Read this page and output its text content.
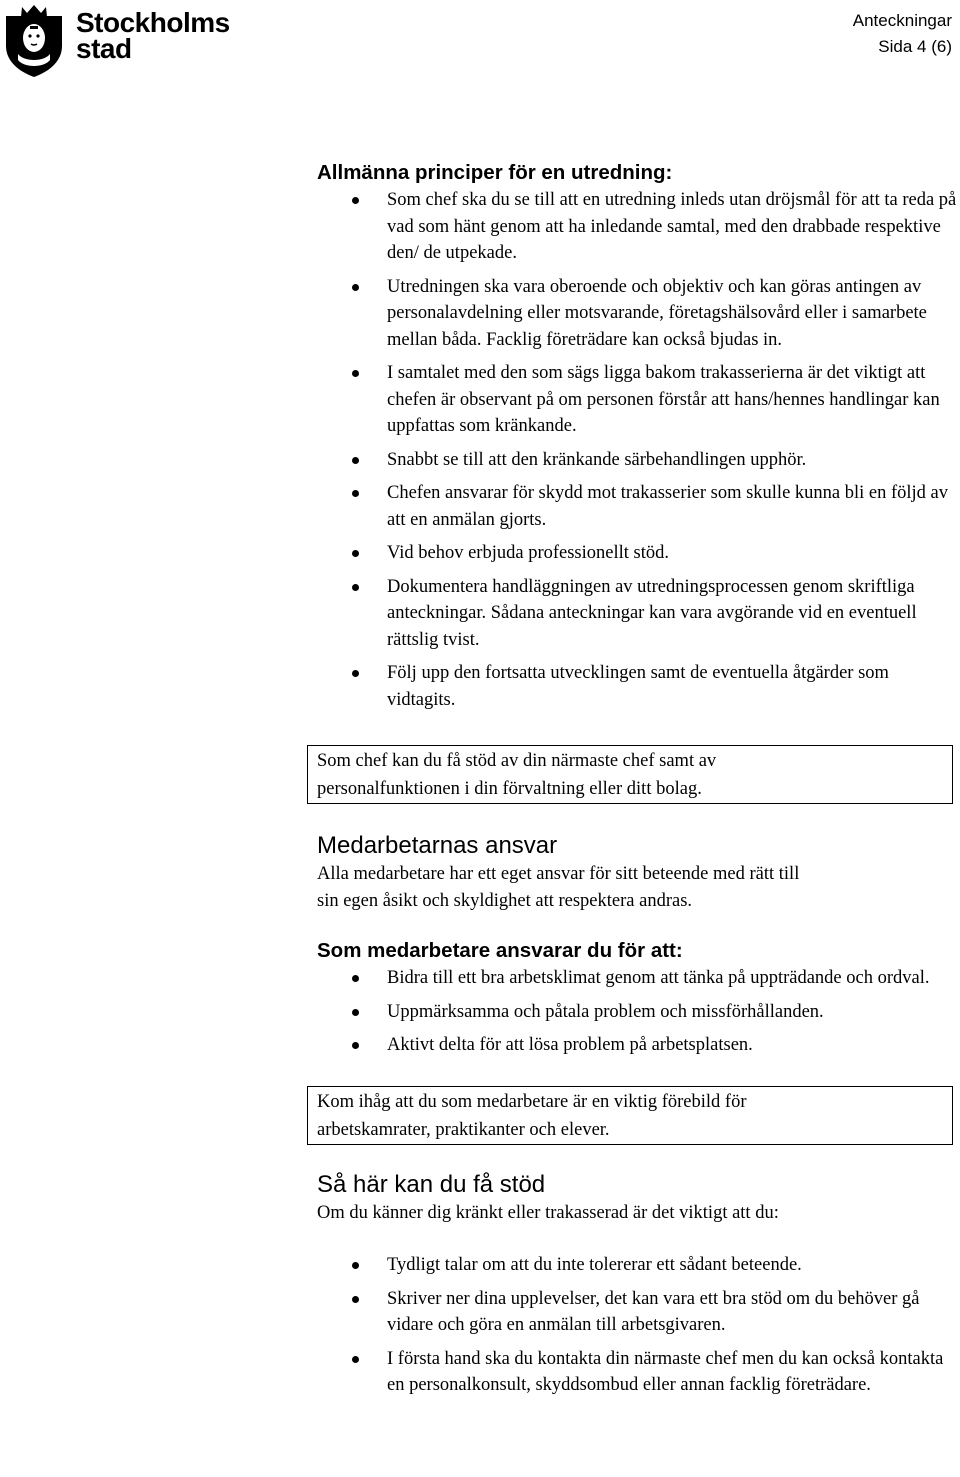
Stockholms
stad
Anteckningar
Sida 4 (6)
Allmänna principer för en utredning:
Som chef ska du se till att en utredning inleds utan dröjsmål för att ta reda på vad som hänt genom att ha inledande samtal, med den drabbade respektive den/ de utpekade.
Utredningen ska vara oberoende och objektiv och kan göras antingen av personalavdelning eller motsvarande, företagshälsovård eller i samarbete mellan båda. Facklig företrädare kan också bjudas in.
I samtalet med den som sägs ligga bakom trakasserierna är det viktigt att chefen är observant på om personen förstår att hans/hennes handlingar kan uppfattas som kränkande.
Snabbt se till att den kränkande särbehandlingen upphör.
Chefen ansvarar för skydd mot trakasserier som skulle kunna bli en följd av att en anmälan gjorts.
Vid behov erbjuda professionellt stöd.
Dokumentera handläggningen av utredningsprocessen genom skriftliga anteckningar. Sådana anteckningar kan vara avgörande vid en eventuell rättslig tvist.
Följ upp den fortsatta utvecklingen samt de eventuella åtgärder som vidtagits.
Som chef kan du få stöd av din närmaste chef samt av
personalfunktionen i din förvaltning eller ditt bolag.
Medarbetarnas ansvar
Alla medarbetare har ett eget ansvar för sitt beteende med rätt till
sin egen åsikt och skyldighet att respektera andras.
Som medarbetare ansvarar du för att:
Bidra till ett bra arbetsklimat genom att tänka på uppträdande och ordval.
Uppmärksamma och påtala problem och missförhållanden.
Aktivt delta för att lösa problem på arbetsplatsen.
Kom ihåg att du som medarbetare är en viktig förebild för
arbetskamrater, praktikanter och elever.
Så här kan du få stöd
Om du känner dig kränkt eller trakasserad är det viktigt att du:
Tydligt talar om att du inte tolererar ett sådant beteende.
Skriver ner dina upplevelser, det kan vara ett bra stöd om du behöver gå vidare och göra en anmälan till arbetsgivaren.
I första hand ska du kontakta din närmaste chef men du kan också kontakta en personalkonsult, skyddsombud eller annan facklig företrädare.
